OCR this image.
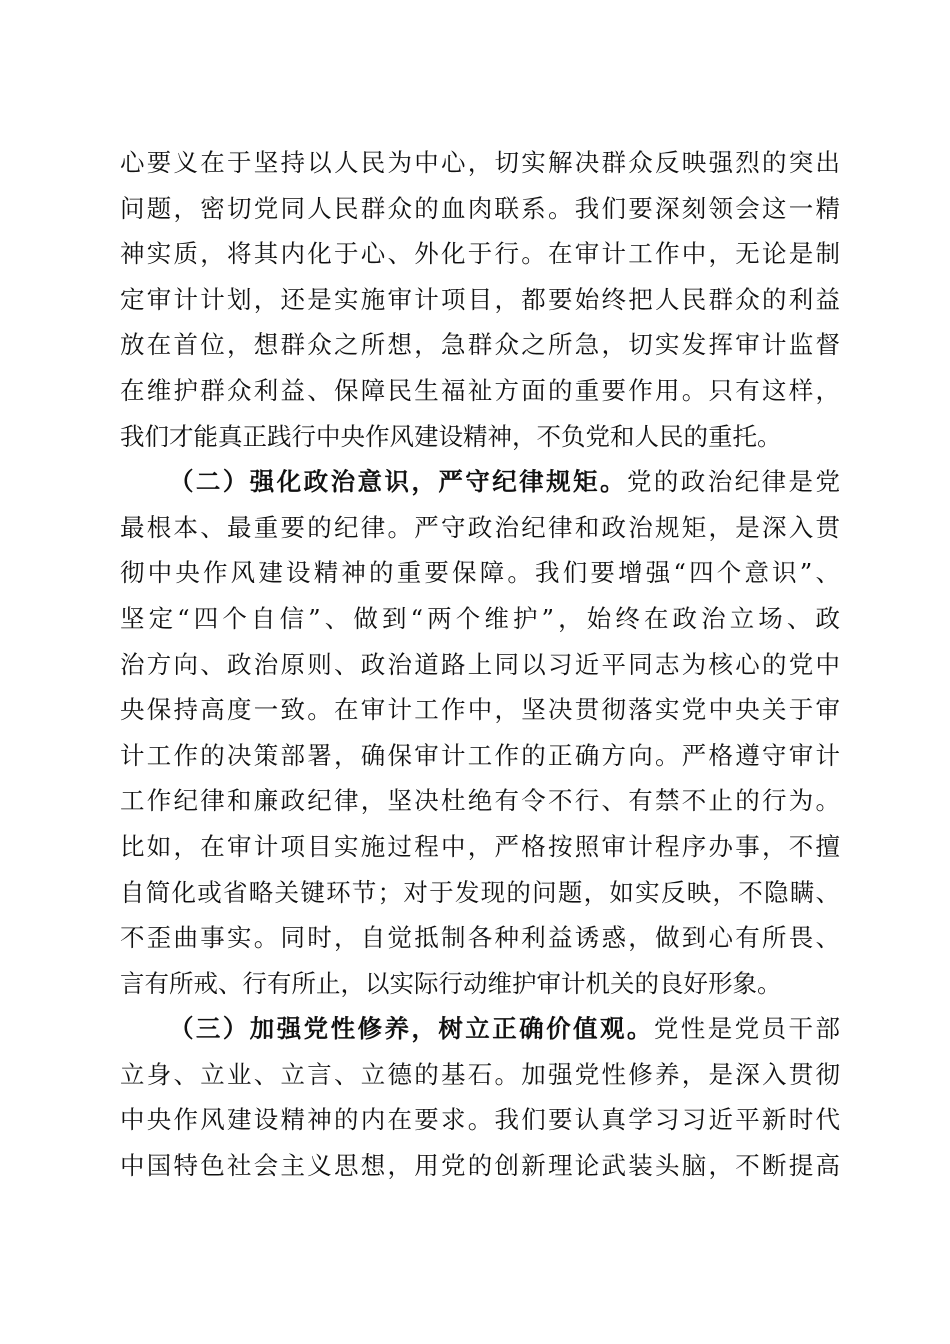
心要义在于坚持以人民为中心，切实解决群众反映强烈的突出
问题，密切党同人民群众的血肉联系。我们要深刻领会这一精
神实质，将其内化于心、外化于行。在审计工作中，无论是制
定审计计划，还是实施审计项目，都要始终把人民群众的利益
放在首位，想群众之所想，急群众之所急，切实发挥审计监督
在维护群众利益、保障民生福祉方面的重要作用。只有这样，
我们才能真正践行中央作风建设精神，不负党和人民的重托。
（二）强化政治意识，严守纪律规矩。党的政治纪律是党
最根本、最重要的纪律。严守政治纪律和政治规矩，是深入贯
彻中央作风建设精神的重要保障。我们要增强“四个意识”、
坚定“四个自信”、做到“两个维护”，始终在政治立场、政
治方向、政治原则、政治道路上同以习近平同志为核心的党中
央保持高度一致。在审计工作中，坚决贯彻落实党中央关于审
计工作的决策部署，确保审计工作的正确方向。严格遵守审计
工作纪律和廉政纪律，坚决杜绝有令不行、有禁不止的行为。
比如，在审计项目实施过程中，严格按照审计程序办事，不擅
自简化或省略关键环节；对于发现的问题，如实反映，不隐瞒、
不歪曲事实。同时，自觉抵制各种利益诱惑，做到心有所畏、
言有所戒、行有所止，以实际行动维护审计机关的良好形象。
（三）加强党性修养，树立正确价值观。党性是党员干部
立身、立业、立言、立德的基石。加强党性修养，是深入贯彻
中央作风建设精神的内在要求。我们要认真学习习近平新时代
中国特色社会主义思想，用党的创新理论武装头脑，不断提高
